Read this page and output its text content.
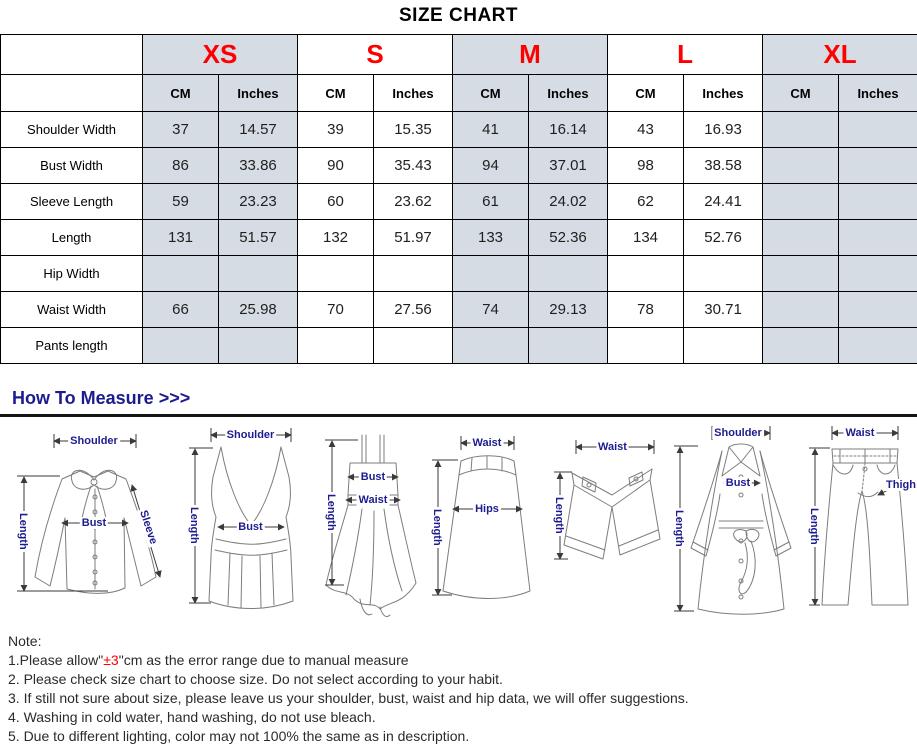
SIZE CHART
	XS		S		M		L		XL	
	CM	Inches	CM	Inches	CM	Inches	CM	Inches	CM	Inches
Shoulder Width	37	14.57	39	15.35	41	16.14	43	16.93		
Bust Width	86	33.86	90	35.43	94	37.01	98	38.58		
Sleeve Length	59	23.23	60	23.62	61	24.02	62	24.41		
Length	131	51.57	132	51.97	133	52.36	134	52.76		
Hip Width										
Waist Width	66	25.98	70	27.56	74	29.13	78	30.71		
Pants length										
How To Measure >>>
Shoulder
Length	Bust	Sleeve
Shoulder
Length	Bust	Length
Bust
Waist
Waist
Length	Hips
Waist
Length
Shoulder
Length
Bust
Waist
Length
Thigh
Note:
1.Please allow"±3"cm as the error range due to manual measure
2. Please check size chart to choose size. Do not select according to your habit.
3. If still not sure about size, please leave us your shoulder, bust, waist and hip data, we will offer suggestions.
4. Washing in cold water, hand washing, do not use bleach.
5. Due to different lighting, color may not 100% the same as in description.
